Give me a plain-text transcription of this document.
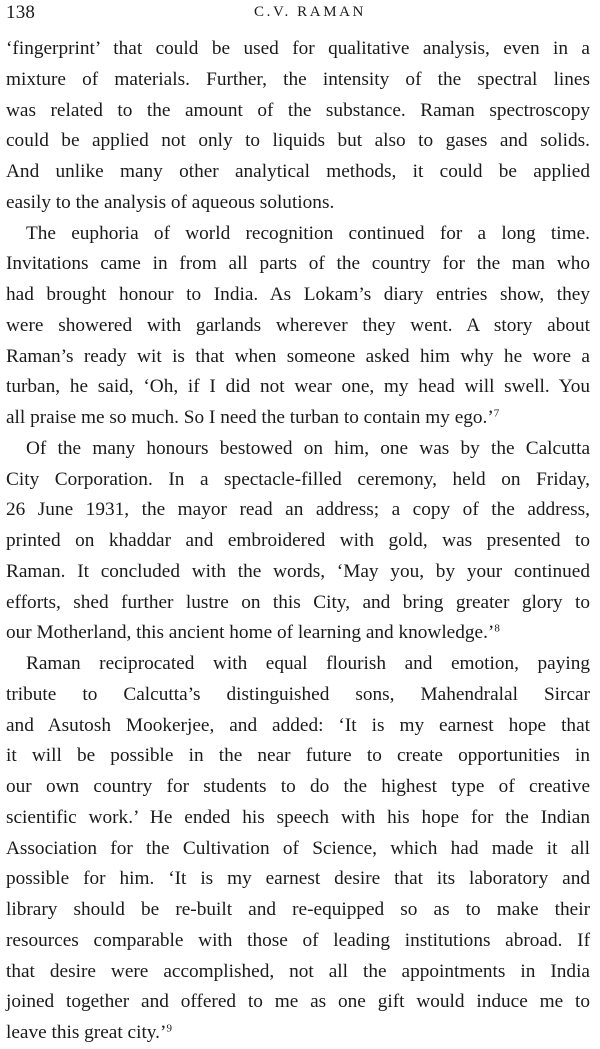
138	C.V. RAMAN
‘fingerprint’ that could be used for qualitative analysis, even in a
mixture of materials. Further, the intensity of the spectral lines
was related to the amount of the substance. Raman spectroscopy
could be applied not only to liquids but also to gases and solids.
And unlike many other analytical methods, it could be applied
easily to the analysis of aqueous solutions.
The euphoria of world recognition continued for a long time.
Invitations came in from all parts of the country for the man who
had brought honour to India. As Lokam’s diary entries show, they
were showered with garlands wherever they went. A story about
Raman’s ready wit is that when someone asked him why he wore a
turban, he said, ‘Oh, if I did not wear one, my head will swell. You
all praise me so much. So I need the turban to contain my ego.’$^7$
Of the many honours bestowed on him, one was by the Calcutta
City Corporation. In a spectacle-filled ceremony, held on Friday,
26 June 1931, the mayor read an address; a copy of the address,
printed on khaddar and embroidered with gold, was presented to
Raman. It concluded with the words, ‘May you, by your continued
efforts, shed further lustre on this City, and bring greater glory to
our Motherland, this ancient home of learning and knowledge.’$^8$
Raman reciprocated with equal flourish and emotion, paying
tribute to Calcutta’s distinguished sons, Mahendralal Sircar
and Asutosh Mookerjee, and added: ‘It is my earnest hope that
it will be possible in the near future to create opportunities in
our own country for students to do the highest type of creative
scientific work.’ He ended his speech with his hope for the Indian
Association for the Cultivation of Science, which had made it all
possible for him. ‘It is my earnest desire that its laboratory and
library should be re-built and re-equipped so as to make their
resources comparable with those of leading institutions abroad. If
that desire were accomplished, not all the appointments in India
joined together and offered to me as one gift would induce me to
leave this great city.’$^9$
